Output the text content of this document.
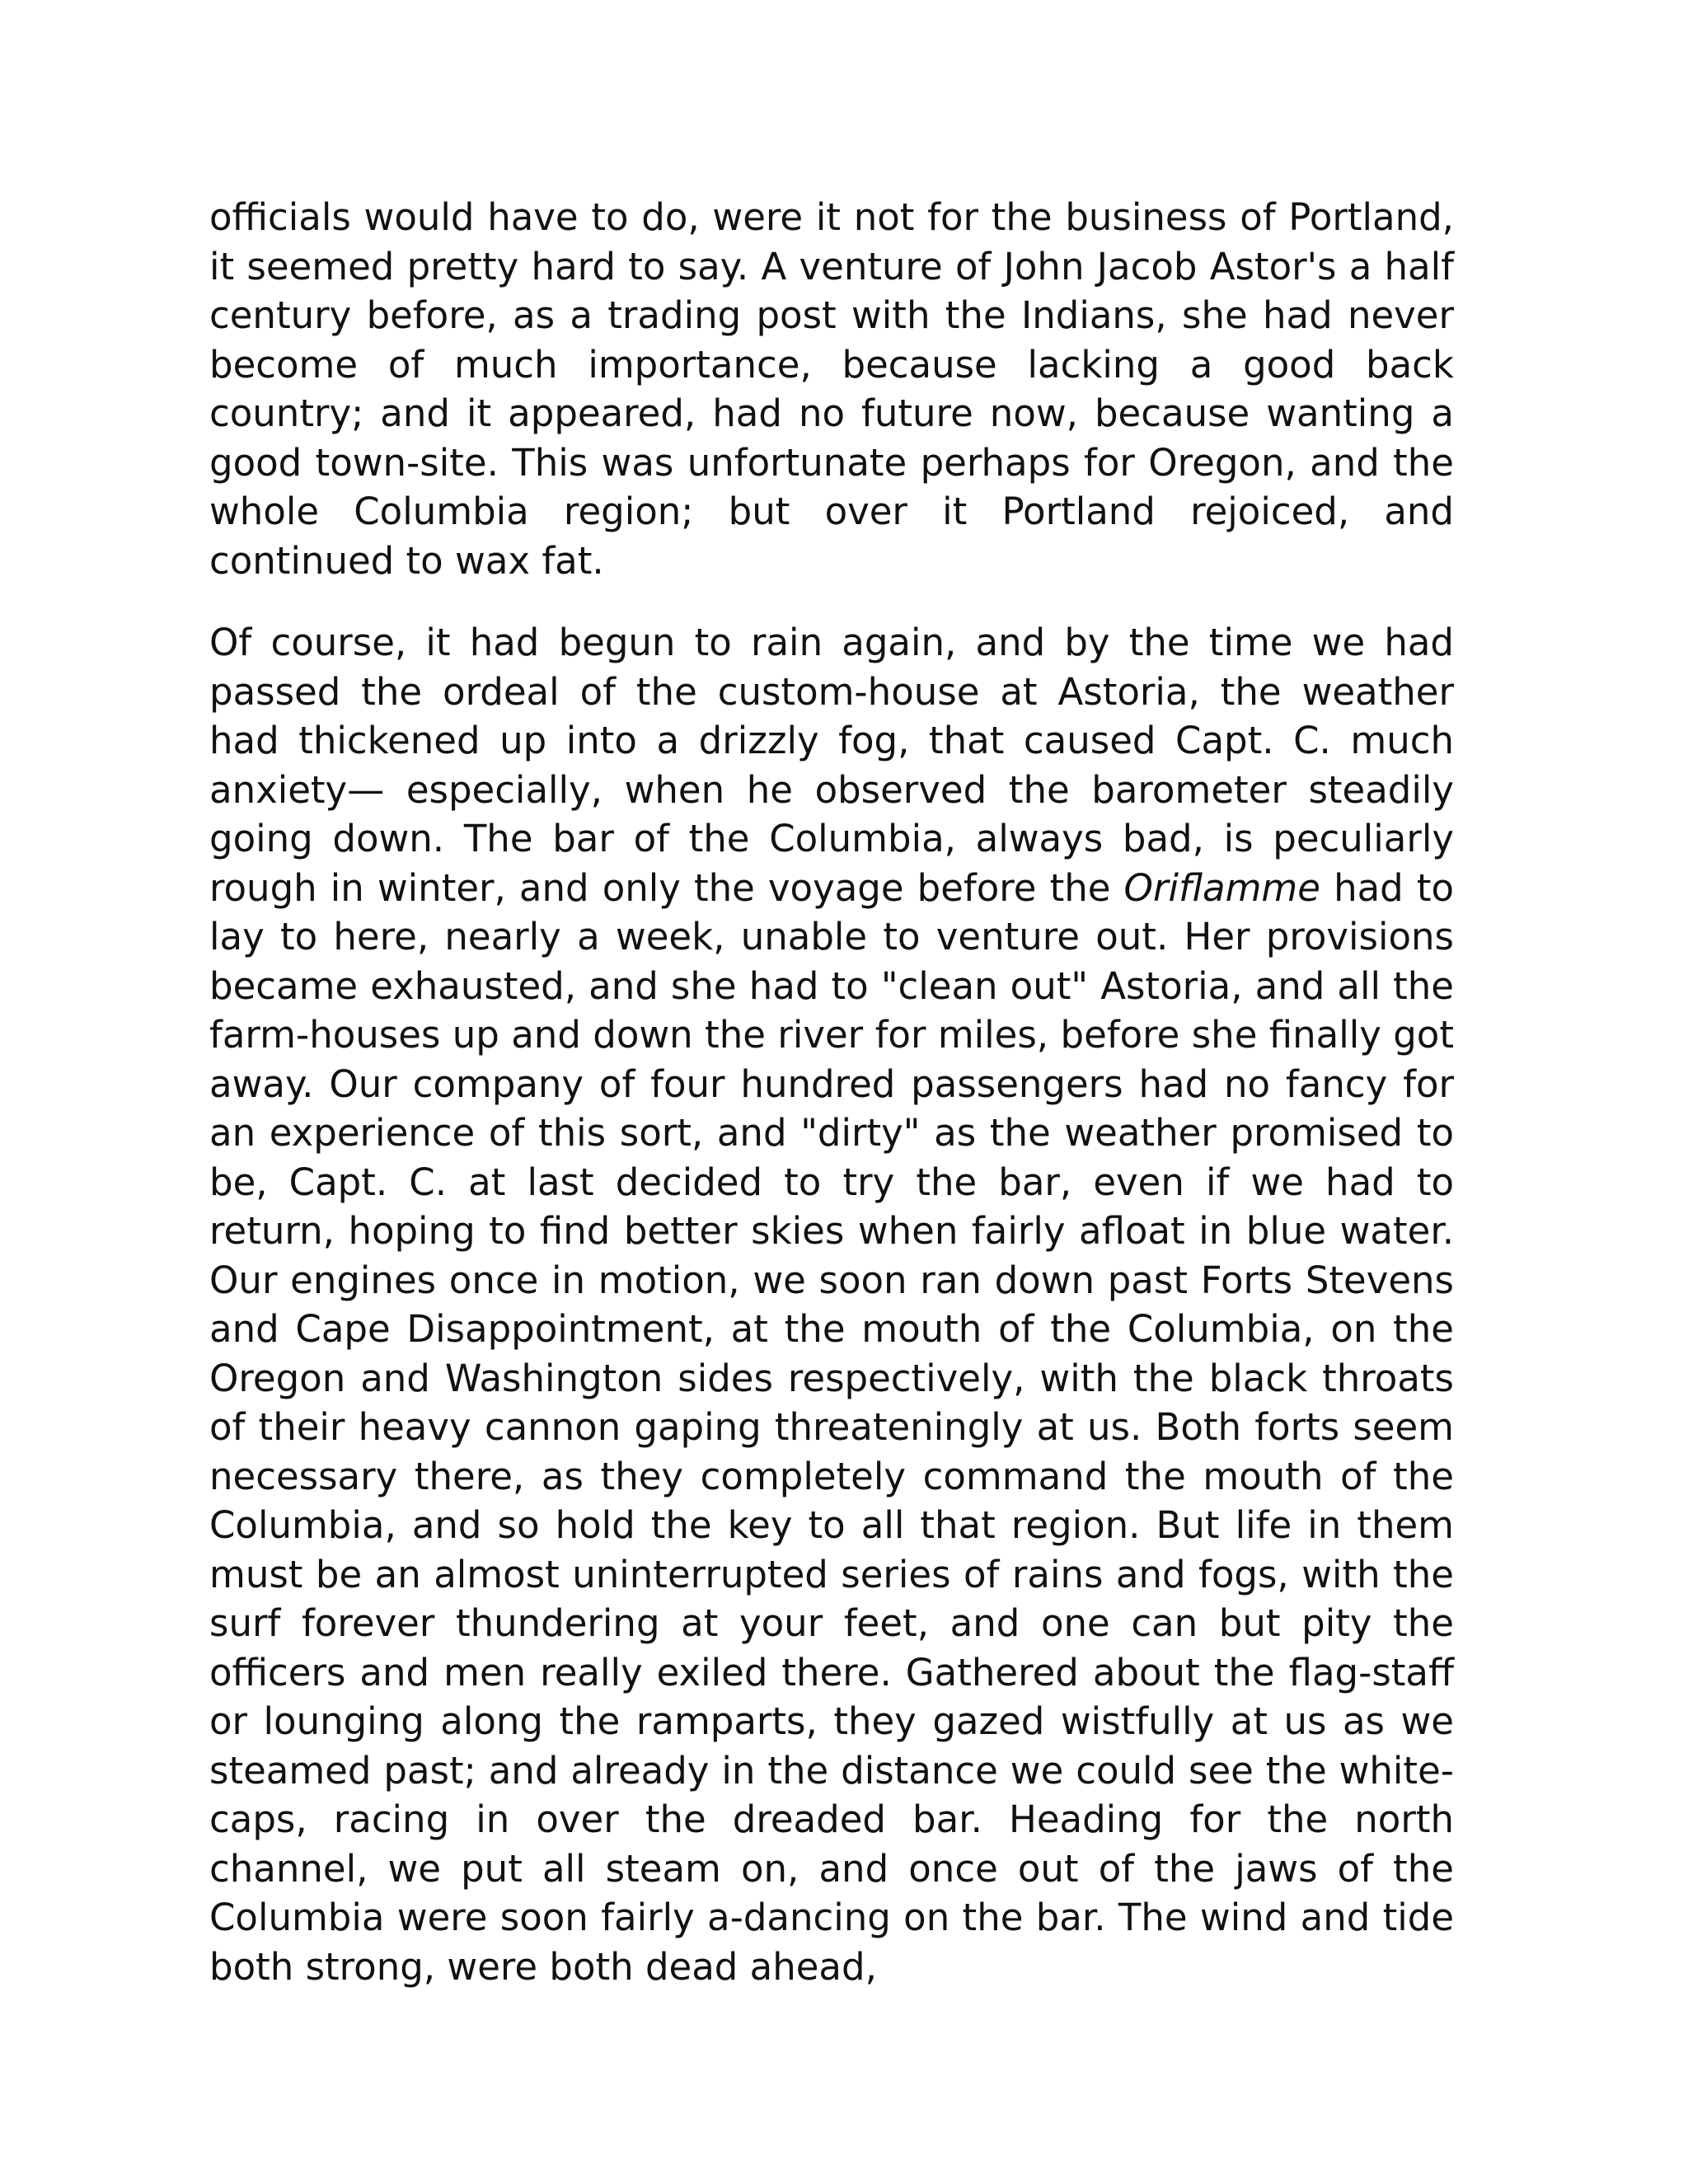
officials would have to do, were it not for the business of Portland, it seemed pretty hard to say. A venture of John Jacob Astor's a half century before, as a trading post with the Indians, she had never become of much importance, because lacking a good back country; and it appeared, had no future now, because wanting a good town-site. This was unfortunate perhaps for Oregon, and the whole Columbia region; but over it Portland rejoiced, and continued to wax fat.

Of course, it had begun to rain again, and by the time we had passed the ordeal of the custom-house at Astoria, the weather had thickened up into a drizzly fog, that caused Capt. C. much anxiety— especially, when he observed the barometer steadily going down. The bar of the Columbia, always bad, is peculiarly rough in winter, and only the voyage before the Oriflamme had to lay to here, nearly a week, unable to venture out. Her provisions became exhausted, and she had to "clean out" Astoria, and all the farm-houses up and down the river for miles, before she finally got away. Our company of four hundred passengers had no fancy for an experience of this sort, and "dirty" as the weather promised to be, Capt. C. at last decided to try the bar, even if we had to return, hoping to find better skies when fairly afloat in blue water. Our engines once in motion, we soon ran down past Forts Stevens and Cape Disappointment, at the mouth of the Columbia, on the Oregon and Washington sides respectively, with the black throats of their heavy cannon gaping threateningly at us. Both forts seem necessary there, as they completely command the mouth of the Columbia, and so hold the key to all that region. But life in them must be an almost uninterrupted series of rains and fogs, with the surf forever thundering at your feet, and one can but pity the officers and men really exiled there. Gathered about the flag-staff or lounging along the ramparts, they gazed wistfully at us as we steamed past; and already in the distance we could see the white-caps, racing in over the dreaded bar. Heading for the north channel, we put all steam on, and once out of the jaws of the Columbia were soon fairly a-dancing on the bar. The wind and tide both strong, were both dead ahead,
